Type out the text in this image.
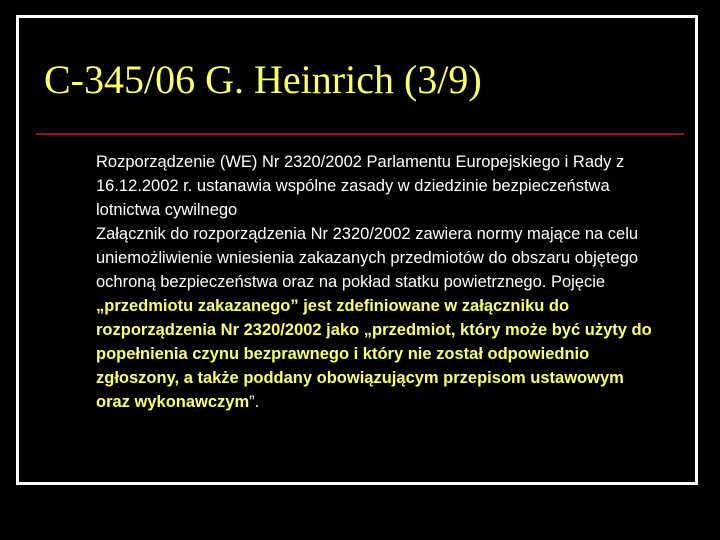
C-345/06 G. Heinrich (3/9)

Rozporządzenie (WE) Nr 2320/2002 Parlamentu Europejskiego i Rady z 16.12.2002 r. ustanawia wspólne zasady w dziedzinie bezpieczeństwa lotnictwa cywilnego

Załącznik do rozporządzenia Nr 2320/2002 zawiera normy mające na celu uniemożliwienie wniesienia zakazanych przedmiotów do obszaru objętego ochroną bezpieczeństwa oraz na pokład statku powietrznego. Pojęcie „przedmiotu zakazanego” jest zdefiniowane w załączniku do rozporządzenia Nr 2320/2002 jako „przedmiot, który może być użyty do popełnienia czynu bezprawnego i który nie został odpowiednio zgłoszony, a także poddany obowiązującym przepisom ustawowym oraz wykonawczym”.
